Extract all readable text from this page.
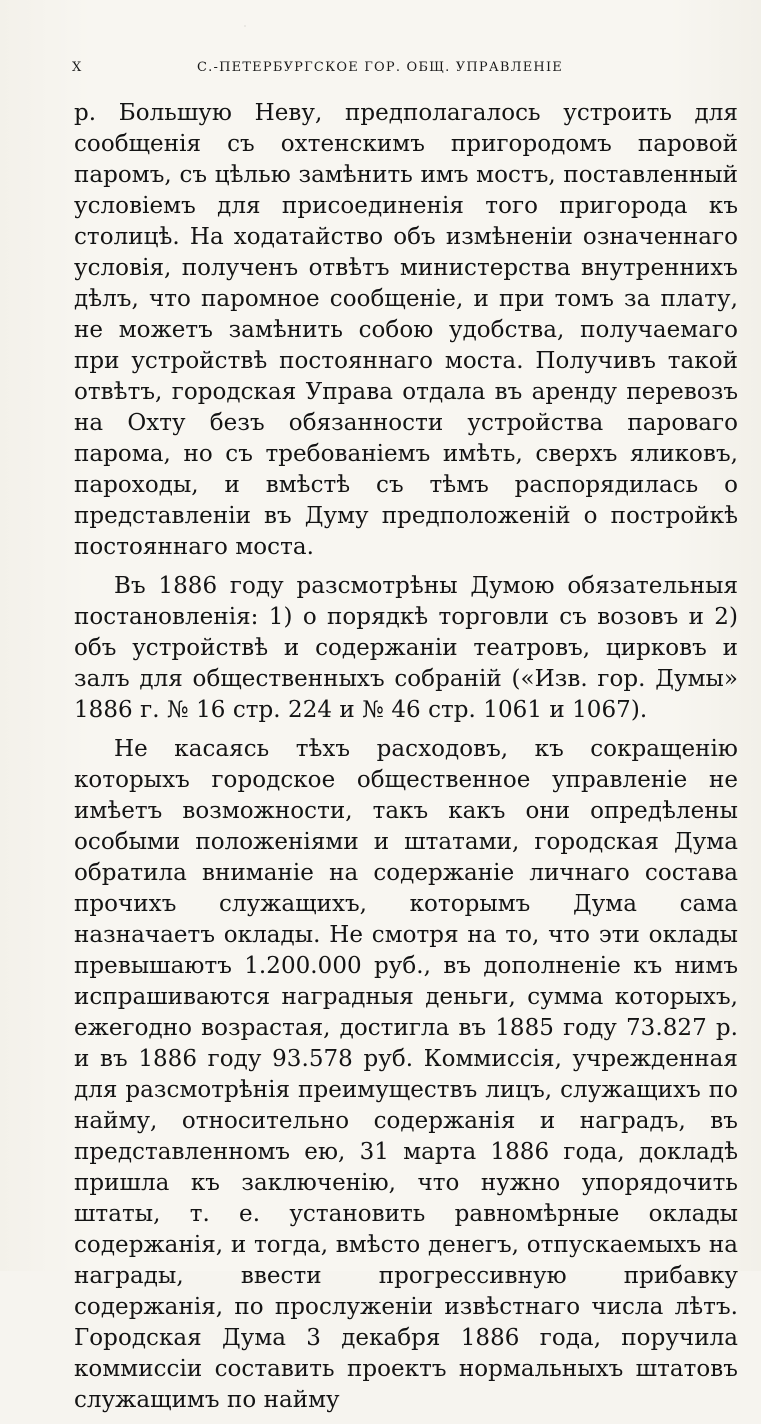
X	С.-ПЕТЕРБУРГСКОЕ ГОР. ОБЩ. УПРАВЛЕНІЕ

р. Большую Неву, предполагалось устроить для сообщенія съ охтенскимъ пригородомъ паровой паромъ, съ цѣлью замѣнить имъ мостъ, поставленный условіемъ для присоединенія того пригорода къ столицѣ. На ходатайство объ измѣненіи означеннаго условія, полученъ отвѣтъ министерства внутреннихъ дѣлъ, что паромное сообщеніе, и при томъ за плату, не можетъ замѣнить собою удобства, получаемаго при устройствѣ постояннаго моста. Получивъ такой отвѣтъ, городская Управа отдала въ аренду перевозъ на Охту безъ обязанности устройства пароваго парома, но съ требованіемъ имѣть, сверхъ яликовъ, пароходы, и вмѣстѣ съ тѣмъ распорядилась о представленіи въ Думу предположеній о постройкѣ постояннаго моста.

Въ 1886 году разсмотрѣны Думою обязательныя постановленія: 1) о порядкѣ торговли съ возовъ и 2) объ устройствѣ и содержаніи театровъ, цирковъ и залъ для общественныхъ собраній («Изв. гор. Думы» 1886 г. № 16 стр. 224 и № 46 стр. 1061 и 1067).

Не касаясь тѣхъ расходовъ, къ сокращенію которыхъ городское общественное управленіе не имѣетъ возможности, такъ какъ они опредѣлены особыми положеніями и штатами, городская Дума обратила вниманіе на содержаніе личнаго состава прочихъ служащихъ, которымъ Дума сама назначаетъ оклады. Не смотря на то, что эти оклады превышаютъ 1.200.000 руб., въ дополненіе къ нимъ испрашиваются наградныя деньги, сумма которыхъ, ежегодно возрастая, достигла въ 1885 году 73.827 р. и въ 1886 году 93.578 руб. Коммиссія, учрежденная для разсмотрѣнія преимуществъ лицъ, служащихъ по найму, относительно содержанія и наградъ, въ представленномъ ею, 31 марта 1886 года, докладѣ пришла къ заключенію, что нужно упорядочить штаты, т. е. установить равномѣрные оклады содержанія, и тогда, вмѣсто денегъ, отпускаемыхъ на награды, ввести прогрессивную прибавку содержанія, по прослуженіи извѣстнаго числа лѣтъ. Городская Дума 3 декабря 1886 года, поручила коммиссіи составить проектъ нормальныхъ штатовъ служащимъ по найму
